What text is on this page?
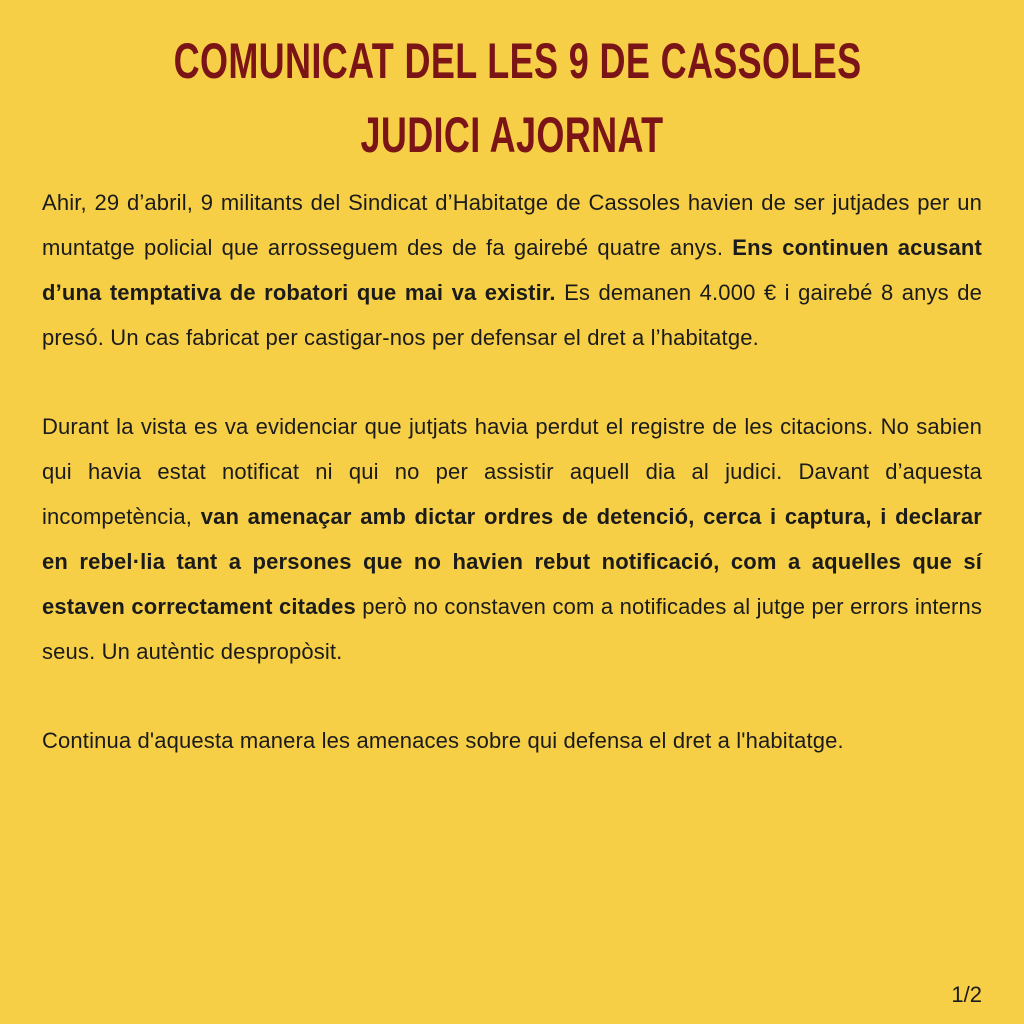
COMUNICAT DEL LES 9 DE CASSOLES
JUDICI AJORNAT

Ahir, 29 d’abril, 9 militants del Sindicat d’Habitatge de Cassoles havien de ser jutjades per un muntatge policial que arrosseguem des de fa gairebé quatre anys. Ens continuen acusant d’una temptativa de robatori que mai va existir. Es demanen 4.000 € i gairebé 8 anys de presó. Un cas fabricat per castigar-nos per defensar el dret a l’habitatge.

Durant la vista es va evidenciar que jutjats havia perdut el registre de les citacions. No sabien qui havia estat notificat ni qui no per assistir aquell dia al judici. Davant d’aquesta incompetència, van amenaçar amb dictar ordres de detenció, cerca i captura, i declarar en rebel·lia tant a persones que no havien rebut notificació, com a aquelles que sí estaven correctament citades però no constaven com a notificades al jutge per errors interns seus. Un autèntic despropòsit.

Continua d'aquesta manera les amenaces sobre qui defensa el dret a l'habitatge.

1/2
